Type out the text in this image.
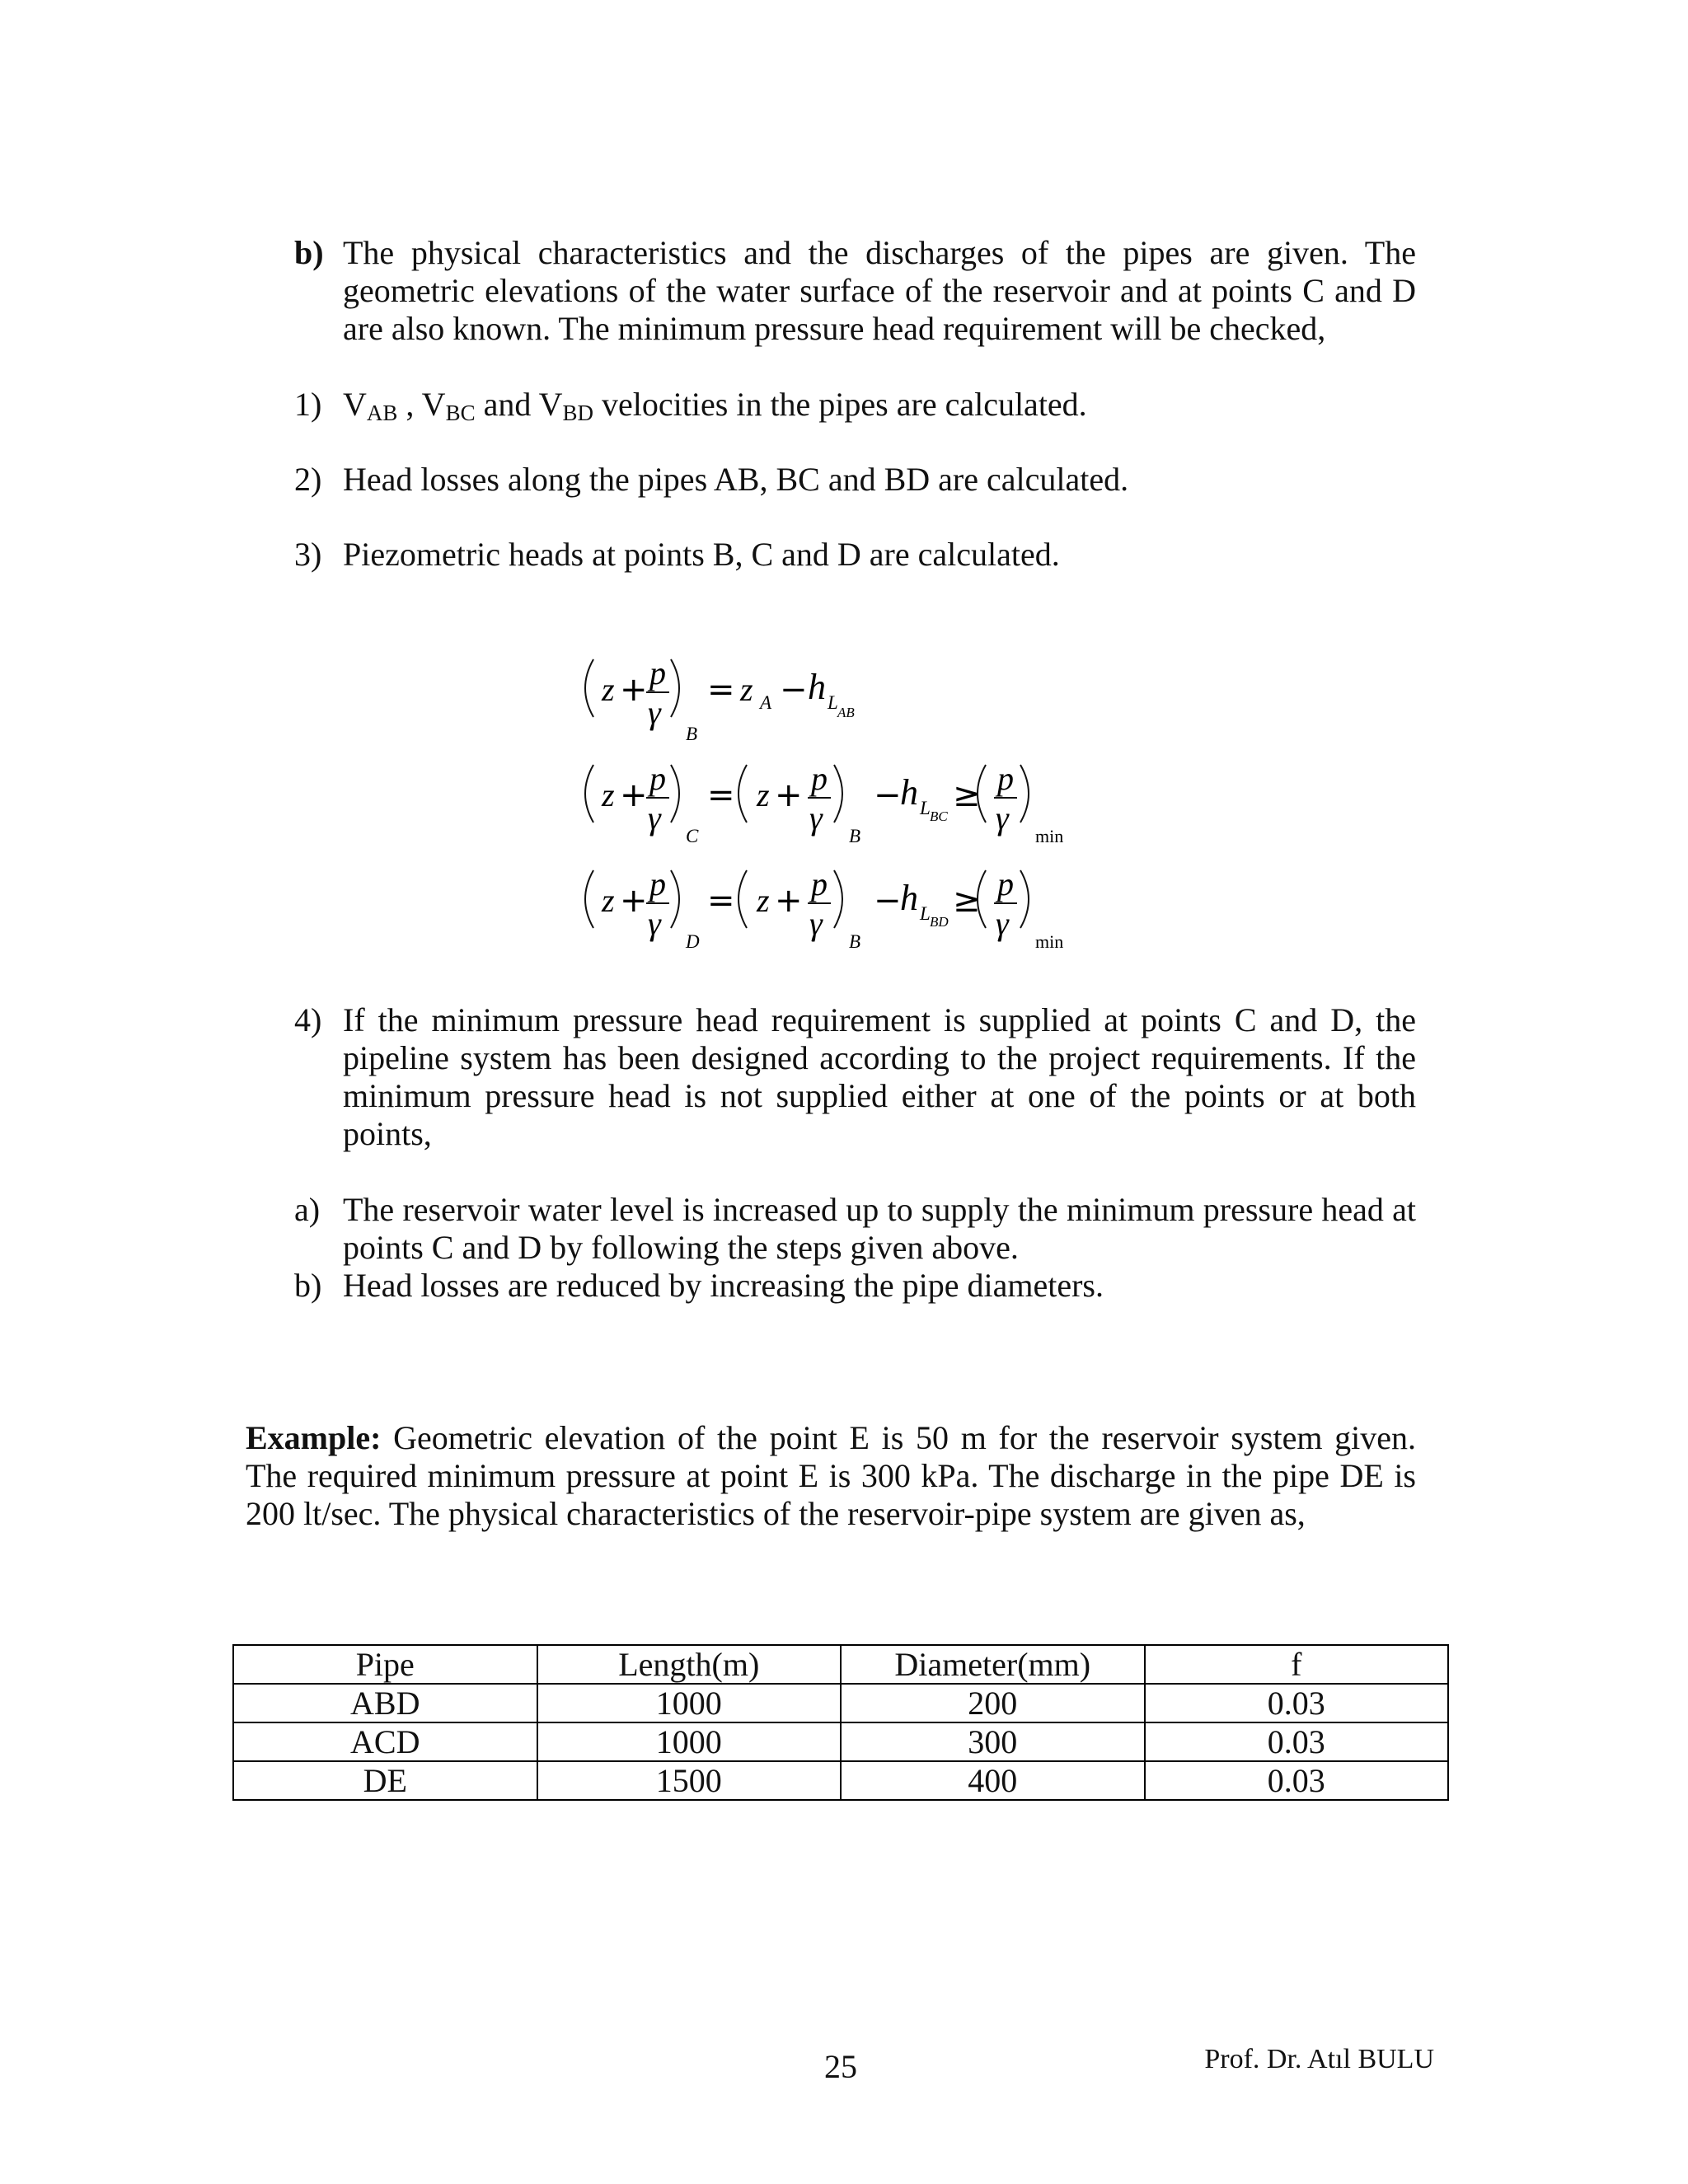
b) The physical characteristics and the discharges of the pipes are given. The geometric elevations of the water surface of the reservoir and at points C and D are also known. The minimum pressure head requirement will be checked,
1) $V_{AB}$ , $V_{BC}$ and $V_{BD}$ velocities in the pipes are calculated.
2) Head losses along the pipes AB, BC and BD are calculated.
3) Piezometric heads at points B, C and D are calculated.
z + p
γ
B
= z A − h L AB
z + p
γ C
= z + p
γ B
−
h L BC
≥ p
γ min
z + p
γ D
= z + p
γ B
−
h L BD
≥ p
γ min
4) If the minimum pressure head requirement is supplied at points C and D, the pipeline system has been designed according to the project requirements. If the minimum pressure head is not supplied either at one of the points or at both points,
a) The reservoir water level is increased up to supply the minimum pressure head at points C and D by following the steps given above.
b) Head losses are reduced by increasing the pipe diameters.
Example: Geometric elevation of the point E is 50 m for the reservoir system given. The required minimum pressure at point E is 300 kPa. The discharge in the pipe DE is 200 lt/sec. The physical characteristics of the reservoir-pipe system are given as,
Pipe	Length(m)	Diameter(mm)	f
ABD	1000	200	0.03
ACD	1000	300	0.03
DE	1500	400	0.03
25	Prof. Dr. Atıl BULU
